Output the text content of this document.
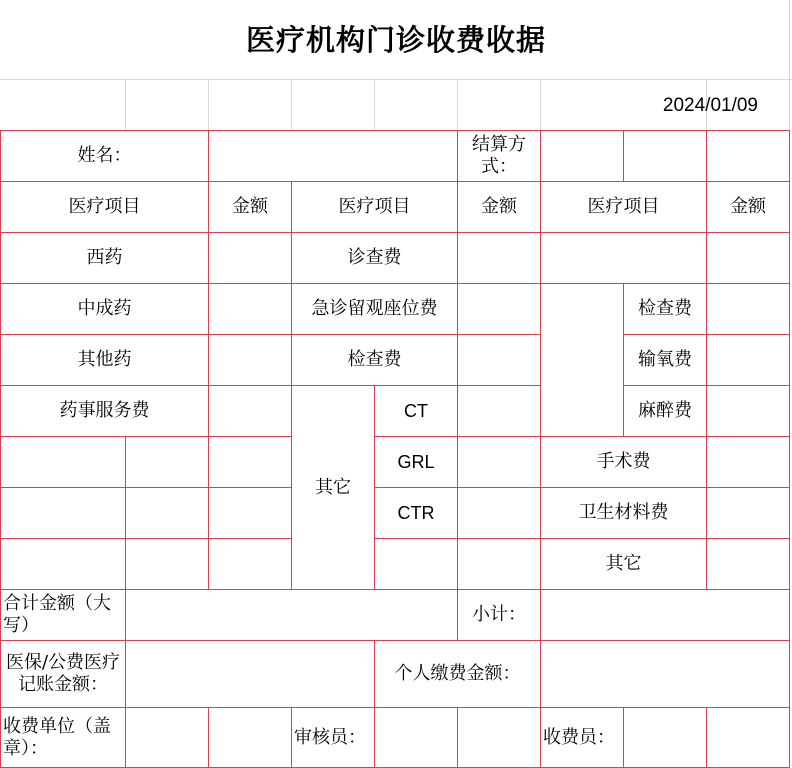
医疗机构门诊收费收据
2024/01/09
姓名：					结算方式：			
医疗项目		金额	医疗项目		金额	医疗项目		金额
西药			诊查费					
中成药			急诊留观座位费				检查费	
其他药			检查费				输氧费	
药事服务费			其它	CT			麻醉费	
				GRL		手术费		
				CTR		卫生材料费		
						其它		
合计金额（大写）					小计：			
医保/公费医疗记账金额：				个人缴费金额：				
收费单位（盖章）：			审核员：			收费员：		
